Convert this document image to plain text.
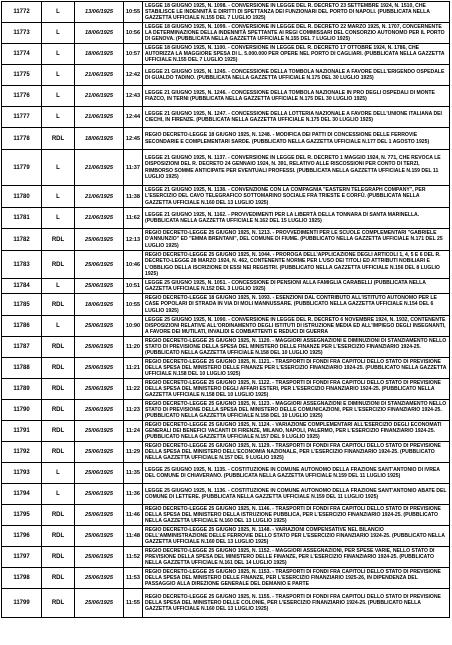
11772	L	13/06/1925	10:55	LEGGE 18 GIUGNO 1925, N. 1098. - CONVERSIONE IN LEGGE DEL R. DECRETO 23 SETTEMBRE 1924, N. 1510, CHE STABILISCE LE INDENNITÀ E DIRITTI DI SPETTANZA DEI FUNZIONARI DEL PORTO DI NAPOLI. (PUBBLICATA NELLA GAZZETTA UFFICIALE N.155 DEL 7 LUGLIO 1925)
11773	L	18/06/1925	10:56	LEGGE 18 GIUGNO 1925, N. 1099. - CONVERSIONE IN LEGGE DEL R. DECRETO 22 MARZO 1925, N. 1707, CONCERNENTE LA DETERMINAZIONE DELLA INDENNITÀ SPETTANTE AI REGI COMMISSARI DEL CONSORZIO AUTONOMO PER IL PORTO DI GENOVA. (PUBBLICATA NELLA GAZZETTA UFFICIALE N.155 DEL 7 LUGLIO 1925)
11774	L	18/06/1925	10:57	LEGGE 18 GIUGNO 1925, N. 1100. - CONVERSIONE IN LEGGE DEL R. DECRETO 17 OTTOBRE 1924, N. 1786, CHE AUTORIZZA LA MAGGIORE SPESA DI L. 5.000.000 PER OPERE NEL PORTO DI CAGLIARI. (PUBBLICATA NELLA GAZZETTA UFFICIALE N.155 DEL 7 LUGLIO 1925)
11775	L	21/06/1925	12:42	LEGGE 21 GIUGNO 1925, N. 1245. - CONCESSIONE DELLA TOMBOLA NAZIONALE A FAVORE DELL'ERIGENDO OSPEDALE DI GUALDO TADINO. (PUBBLICATA NELLA GAZZETTA UFFICIALE N.175 DEL 30 LUGLIO 1925)
11776	L	21/06/1925	12:43	LEGGE 21 GIUGNO 1925, N. 1246. - CONCESSIONE DELLA TOMBOLA NAZIONALE IN PRO DEGLI OSPEDALI DI MONTE FIAZCO, IN TERNI (PUBBLICATA NELLA GAZZETTA UFFICIALE N.175 DEL 30 LUGLIO 1925)
11777	L	21/06/1925	12:44	LEGGE 21 GIUGNO 1925, N. 1247. - CONCESSIONE DELLA LOTTERIA NAZIONALE A FAVORE DELL'UNIONE ITALIANA DEI CIECHI, IN FIRENZE. (PUBBLICATA NELLA GAZZETTA UFFICIALE N.175 DEL 30 LUGLIO 1925)
11778	RDL	18/06/1925	12:45	REGIO DECRETO-LEGGE 18 GIUGNO 1925, N. 1248. - MODIFICA DEI PATTI DI CONCESSIONE DELLE FERROVIE SECONDARIE E COMPLEMENTARI SARDE. (PUBBLICATO NELLA GAZZETTA UFFICIALE N.177 DEL 1 AGOSTO 1925)
11779	L	21/06/1925	11:37	LEGGE 21 GIUGNO 1925, N. 1137. - CONVERSIONE IN LEGGE DEL R. DECRETO 1 MAGGIO 1924, N. 771, CHE REVOCA LE DISPOSIZIONI DEL R. DECRETO 24 GENNAIO 1924, N. 391, RELATIVO ALLE RISCOSSIONI PER CONTO DI TERZI, RIMBORSO SOMME ANTICIPATE PER EVENTUALI PROFESSI. (PUBBLICATA NELLA GAZZETTA UFFICIALE N.159 DEL 11 LUGLIO 1925)
11780	L	21/06/1925	11:38	LEGGE 21 GIUGNO 1925, N. 1138. - CONVENZIONE CON LA COMPAGNIA "EASTERN TELEGRAPH COMPANY", PER L'ESERCIZIO DEL CAVO TELEGRAFICO SOTTOMARINO SOCIALE FRA TRIESTE E CORFÙ. (PUBBLICATA NELLA GAZZETTA UFFICIALE N.160 DEL 13 LUGLIO 1925)
11781	L	21/06/1925	11:62	LEGGE 21 GIUGNO 1925, N. 1162. - PROVVEDIMENTI PER LA LIBERTÀ DELLA TONNARA DI SANTA MARINELLA. (PUBBLICATA NELLA GAZZETTA UFFICIALE N.162 DEL 15 LUGLIO 1925)
11782	RDL	25/06/1925	12:13	REGIO DECRETO-LEGGE 25 GIUGNO 1925, N. 1213. - PROVVEDIMENTI PER LE SCUOLE COMPLEMENTARI "GABRIELE D'ANNUNZIO" ED "EMMA BRENTANI", DEL COMUNE DI FIUME. (PUBBLICATO NELLA GAZZETTA UFFICIALE N.171 DEL 25 LUGLIO 1925)
11783	RDL	25/06/1925	10:46	REGIO DECRETO-LEGGE 25 GIUGNO 1925, N. 1044. - PROROGA DELL'APPLICAZIONE DEGLI ARTICOLI 1, 4, 5 E 6 DEL R. DECRETO-LEGGE 28 MARZO 1924, N. 462, CONTENENTE NORME PER L'USO DEI TITOLI ED ATTRIBUTI NOBILIARI E L'OBBLIGO DELLA ISCRIZIONE DI ESSI NEI REGISTRI. (PUBBLICATO NELLA GAZZETTA UFFICIALE N.156 DEL 8 LUGLIO 1925)
11784	L	25/06/1925	10:51	LEGGE 25 GIUGNO 1925, N. 1051. - CONCESSIONE DI PENSIONI ALLA FAMIGLIA CARABELLI (PUBBLICATA NELLA GAZZETTA UFFICIALE N.152 DEL 3 LUGLIO 1925)
11785	RDL	18/06/1925	10:55	REGIO DECRETO-LEGGE 18 GIUGNO 1925, N. 1093. - ESENZIONI DAL CONTRIBUTO ALL'ISTITUTO AUTONOMO PER LE CASE POPOLARI DI STRADA IN VIA DI MOLI MANNUSSARE. (PUBBLICATO NELLA GAZZETTA UFFICIALE N.154 DEL 6 LUGLIO 1925)
11786	L	25/06/1925	10:90	LEGGE 25 GIUGNO 1925, N. 1090. - CONVERSIONE IN LEGGE DEL R. DECRETO 6 NOVEMBRE 1924, N. 1932, CONTENENTE DISPOSIZIONI RELATIVE ALL'ORDINAMENTO DEGLI ISTITUTI DI ISTRUZIONE MEDIA ED ALL'IMPIEGO DEGLI INSEGNANTI, A FAVORE DEI MUTILATI, INVALIDI E COMBATTENTI E REDUCI DI GUERRA
11787	RDL	25/06/1925	11:20	REGIO DECRETO-LEGGE 25 GIUGNO 1925, N. 1120. - MAGGIORI ASSEGNAZIONI E DIMINUZIONI DI STANZIAMENTO NELLO STATO DI PREVISIONE DELLA SPESA DEL MINISTERO DELLE FINANZE PER L'ESERCIZIO FINANZIARIO 1924-25. (PUBBLICATO NELLA GAZZETTA UFFICIALE N.158 DEL 10 LUGLIO 1925)
11788	RDL	25/06/1925	11:21	REGIO DECRETO-LEGGE 25 GIUGNO 1925, N. 1121. - TRASPORTI DI FONDI FRA CAPITOLI DELLO STATO DI PREVISIONE DELLA SPESA DEL MINISTERO DELLE FINANZE PER L'ESERCIZIO FINANZIARIO 1924-25. (PUBBLICATO NELLA GAZZETTA UFFICIALE N.158 DEL 10 LUGLIO 1925)
11789	RDL	25/06/1925	11:22	REGIO DECRETO-LEGGE 25 GIUGNO 1925, N. 1122. - TRASPORTI DI FONDI FRA CAPITOLI DELLO STATO DI PREVISIONE DELLA SPESA DEL MINISTERO DEGLI AFFARI ESTERI, PER L'ESERCIZIO FINANZIARIO 1924-25. (PUBBLICATO NELLA GAZZETTA UFFICIALE N.158 DEL 10 LUGLIO 1925)
11790	RDL	25/06/1925	11:23	REGIO DECRETO-LEGGE 25 GIUGNO 1925, N. 1123. - MAGGIORI ASSEGNAZIONI E DIMINUZIONI DI STANZIAMENTO NELLO STATO DI PREVISIONE DELLA SPESA DEL MINISTERO DELLE COMUNICAZIONI, PER L'ESERCIZIO FINANZIARIO 1924-25. (PUBBLICATO NELLA GAZZETTA UFFICIALE N.158 DEL 10 LUGLIO 1925)
11791	RDL	25/06/1925	11:24	REGIO DECRETO-LEGGE 25 GIUGNO 1925, N. 1124. - VARIAZIONE COMPLEMENTARI ALL'ESERCIZIO DEGLI ECONOMATI GENERALI DEI BENEFICI VACANTI DI FIRENZE, MILANO, NAPOLI, PALERMO, PER L'ESERCIZIO FINANZIARIO 1924-25. (PUBBLICATO NELLA GAZZETTA UFFICIALE N.157 DEL 9 LUGLIO 1925)
11792	RDL	25/06/1925	11:29	REGIO DECRETO-LEGGE 25 GIUGNO 1925, N. 1129. - TRASPORTI DI FONDI FRA CAPITOLI DELLO STATO DI PREVISIONE DELLA SPESA DEL MINISTERO DELL'ECONOMIA NAZIONALE, PER L'ESERCIZIO FINANZIARIO 1924-25. (PUBBLICATO NELLA GAZZETTA UFFICIALE N.157 DEL 9 LUGLIO 1925)
11793	L	25/06/1925	11:35	LEGGE 25 GIUGNO 1925, N. 1135. - COSTITUZIONE IN COMUNE AUTONOMO DELLA FRAZIONE SANT'ANTONIO DI IVREA DEL COMUNE DI CHIAVERANO. (PUBBLICATA NELLA GAZZETTA UFFICIALE N.159 DEL 11 LUGLIO 1925)
11794	L	25/06/1925	11:36	LEGGE 25 GIUGNO 1925, N. 1136. - COSTITUZIONE IN COMUNE AUTONOMO DELLA FRAZIONE SANT'ANTONIO ABATE DEL COMUNE DI LETTERE. (PUBBLICATA NELLA GAZZETTA UFFICIALE N.159 DEL 11 LUGLIO 1925)
11795	RDL	25/06/1925	11:46	REGIO DECRETO-LEGGE 25 GIUGNO 1925, N. 1146. - TRASPORTI DI FONDI FRA CAPITOLI DELLO STATO DI PREVISIONE DELLA SPESA DEL MINISTERO DELLA ISTRUZIONE PUBBLICA, PER L'ESERCIZIO FINANZIARIO 1924-25. (PUBBLICATO NELLA GAZZETTA UFFICIALE N.160 DEL 13 LUGLIO 1925)
11796	RDL	25/06/1925	11:48	REGIO DECRETO-LEGGE 25 GIUGNO 1925, N. 1148. - VARIAZIONI COMPENSATIVE NEL BILANCIO DELL'AMMINISTRAZIONE DELLE FERROVIE DELLO STATO PER L'ESERCIZIO FINANZIARIO 1924-25. (PUBBLICATO NELLA GAZZETTA UFFICIALE N.160 DEL 13 LUGLIO 1925)
11797	RDL	25/06/1925	11:52	REGIO DECRETO-LEGGE 25 GIUGNO 1925, N. 1152. - MAGGIORI ASSEGNAZIONI, PER SPESE VARIE, NELLO STATO DI PREVISIONE DELLA SPESA DEL MINISTERO DELLE FINANZE, PER L'ESERCIZIO FINANZIARIO 1924-25. (PUBBLICATO NELLA GAZZETTA UFFICIALE N.161 DEL 14 LUGLIO 1925)
11798	RDL	25/06/1925	11:53	REGIO DECRETO-LEGGE 25 GIUGNO 1925, N. 1153. - TRASPORTI DI FONDI FRA CAPITOLI DELLO STATO DI PREVISIONE DELLA SPESA DEL MINISTERO DELLE FINANZE, PER L'ESERCIZIO FINANZIARIO 1925-26, IN DIPENDENZA DEL PASSAGGIO ALLA DIREZIONE GENERALE DEL DEMANIO E PARTE
11799	RDL	25/06/1925	11:55	REGIO DECRETO-LEGGE 25 GIUGNO 1925, N. 1155. - TRASPORTI DI FONDI FRA CAPITOLI DELLO STATO DI PREVISIONE DELLA SPESA DEL MINISTERO DELLE COLONIE, PER L'ESERCIZIO FINANZIARIO 1924-25. (PUBBLICATO NELLA GAZZETTA UFFICIALE N.160 DEL 13 LUGLIO 1925)
